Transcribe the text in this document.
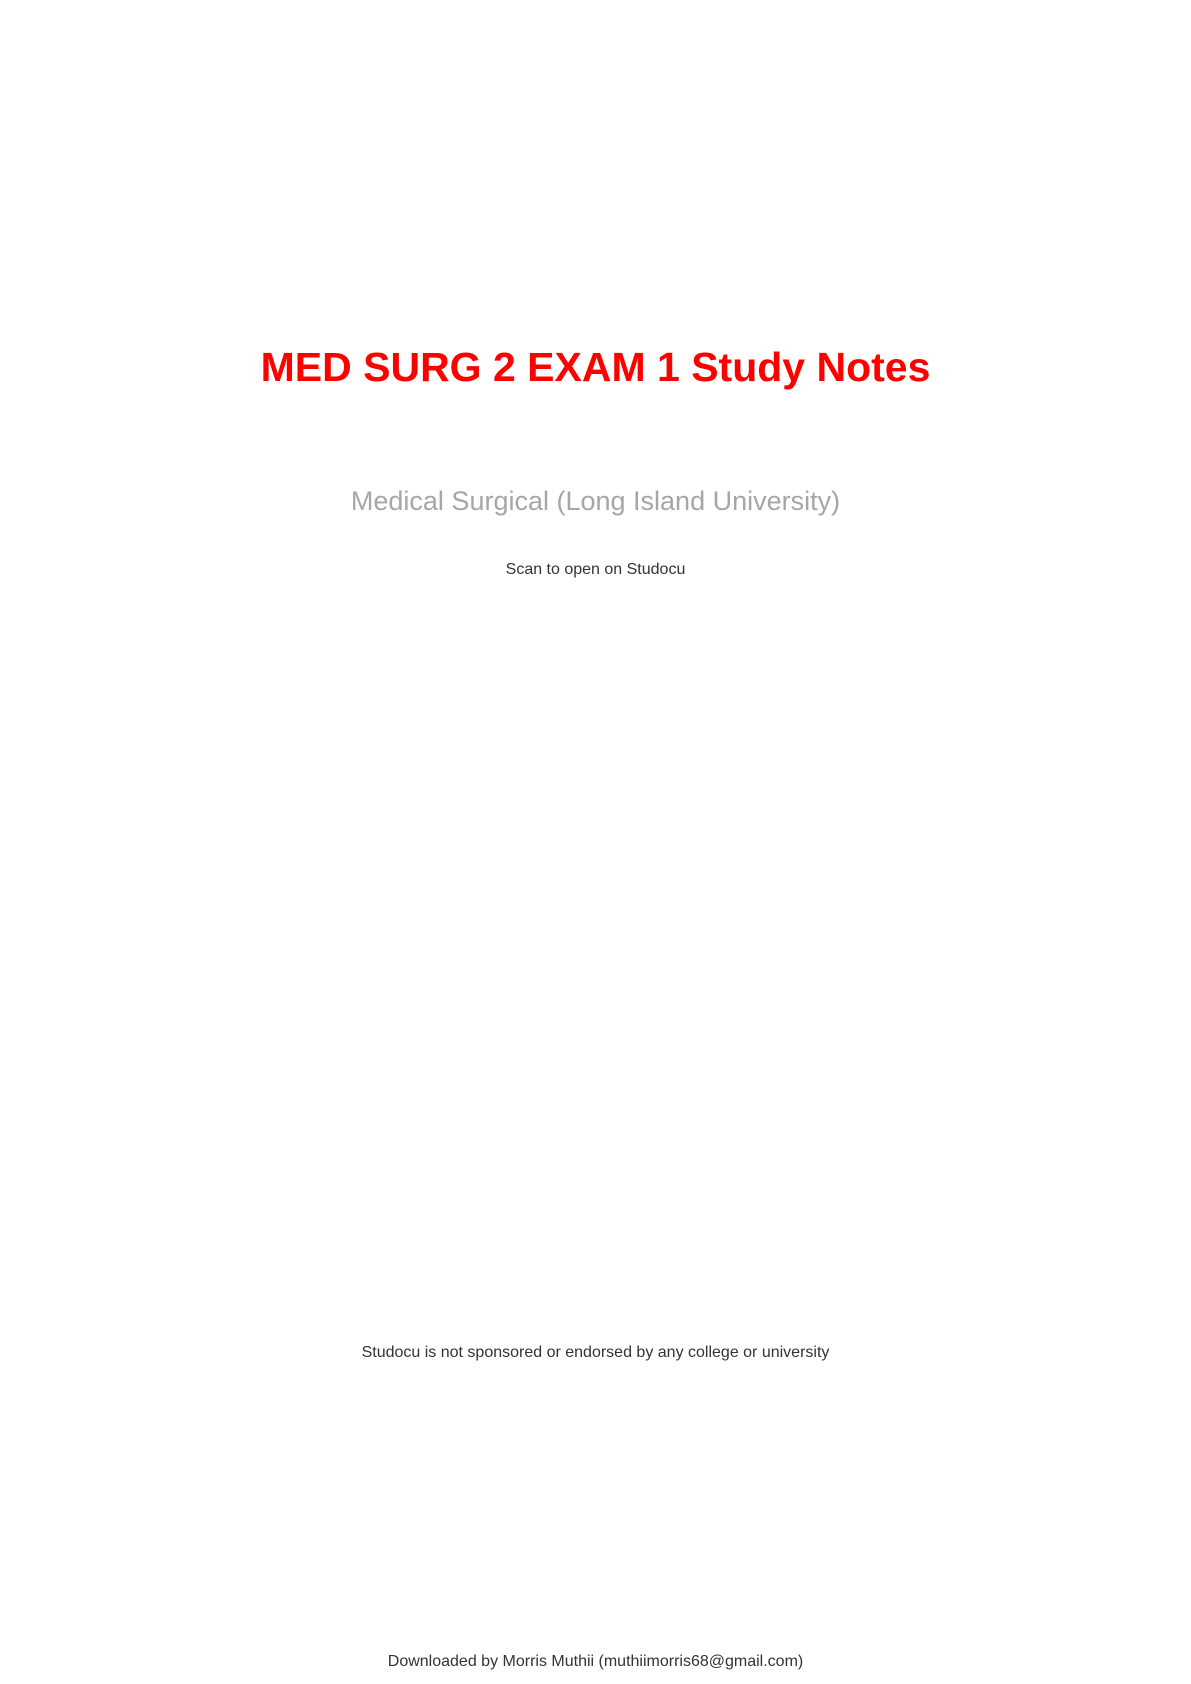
MED SURG 2 EXAM 1 Study Notes
Medical Surgical (Long Island University)
Scan to open on Studocu
Studocu is not sponsored or endorsed by any college or university
Downloaded by Morris Muthii (muthiimorris68@gmail.com)
